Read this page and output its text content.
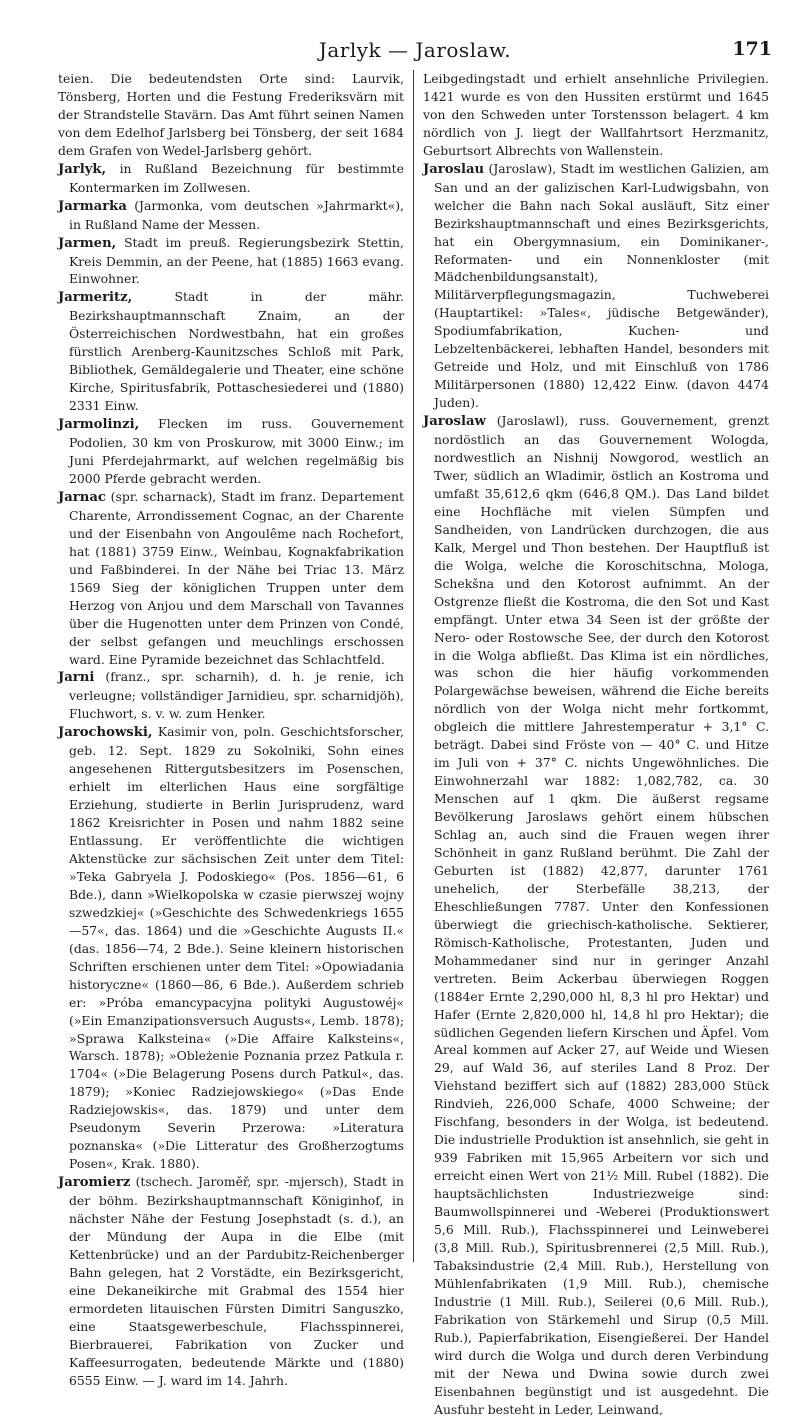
Jarlyk — Jaroslaw.	171

teien. Die bedeutendsten Orte sind: Laurvik, Tönsberg, Horten und die Festung Frederiksvärn mit der Strandstelle Stavärn. Das Amt führt seinen Namen von dem Edelhof Jarlsberg bei Tönsberg, der seit 1684 dem Grafen von Wedel-Jarlsberg gehört.

Jarlyk, in Rußland Bezeichnung für bestimmte Kontermarken im Zollwesen.

Jarmarka (Jarmonka, vom deutschen »Jahrmarkt«), in Rußland Name der Messen.

Jarmen, Stadt im preuß. Regierungsbezirk Stettin, Kreis Demmin, an der Peene, hat (1885) 1663 evang. Einwohner.

Jarmeritz,	Stadt in der mähr. Bezirkshauptmannschaft Znaim, an der Österreichischen Nordwestbahn, hat ein großes fürstlich Arenberg-Kaunitzsches Schloß mit Park, Bibliothek, Gemäldegalerie und Theater, eine schöne Kirche, Spiritusfabrik, Pottaschesiederei und (1880) 2331 Einw.

Jarmolinzi, Flecken im russ. Gouvernement Podolien, 30 km von Proskurow, mit 3000 Einw.; im Juni Pferdejahrmarkt, auf welchen regelmäßig bis 2000 Pferde gebracht werden.

Jarnac (spr. scharnack), Stadt im franz. Departement Charente, Arrondissement Cognac, an der Charente und der Eisenbahn von Angoulême nach Rochefort, hat (1881) 3759 Einw., Weinbau, Kognakfabrikation und Faßbinderei. In der Nähe bei Triac 13. März 1569 Sieg der königlichen Truppen unter dem Herzog von Anjou und dem Marschall von Tavannes über die Hugenotten unter dem Prinzen von Condé, der selbst gefangen und meuchlings erschossen ward. Eine Pyramide bezeichnet das Schlachtfeld.

Jarni (franz., spr. scharnih), d. h. je renie, ich verleugne; vollständiger Jarnidieu, spr. scharnidjöh), Fluchwort, s. v. w. zum Henker.

Jarochowski, Kasimir von, poln. Geschichtsforscher, geb. 12. Sept. 1829 zu Sokolniki, Sohn eines angesehenen Rittergutsbesitzers im Posenschen, erhielt im elterlichen Haus eine sorgfältige Erziehung, studierte in Berlin Jurisprudenz, ward 1862 Kreisrichter in Posen und nahm 1882 seine Entlassung. Er veröffentlichte die wichtigen Aktenstücke zur sächsischen Zeit unter dem Titel: »Teka Gabryela J. Podoskiego« (Pos. 1856—61, 6 Bde.), dann »Wielkopolska w czasie pierwszej wojny szwedzkiej« (»Geschichte des Schwedenkriegs 1655—57«, das. 1864) und die »Geschichte Augusts II.« (das. 1856—74, 2 Bde.). Seine kleinern historischen Schriften erschienen unter dem Titel: »Opowiadania historyczne« (1860—86, 6 Bde.). Außerdem schrieb er: »Próba emancypacyjna polityki Augustowéj« (»Ein Emanzipationsversuch Augusts«, Lemb. 1878); »Sprawa Kalksteina« (»Die Affaire Kalksteins«, Warsch. 1878); »Obleżenie Poznania przez Patkula r. 1704« (»Die Belagerung Posens durch Patkul«, das. 1879); »Koniec Radziejowskiego« (»Das Ende Radziejowskis«, das. 1879) und unter dem Pseudonym Severin Przerowa: »Literatura poznanska« (»Die Litteratur des Großherzogtums Posen«, Krak. 1880).

Jaromierz (tschech. Jaroměř, spr. -mjersch), Stadt in der böhm. Bezirkshauptmannschaft Königinhof, in nächster Nähe der Festung Josephstadt (s. d.), an der Mündung der Aupa in die Elbe (mit Kettenbrücke) und an der Pardubitz-Reichenberger Bahn gelegen, hat 2 Vorstädte, ein Bezirksgericht, eine Dekaneikirche mit Grabmal des 1554 hier ermordeten litauischen Fürsten Dimitri Sanguszko, eine Staatsgewerbeschule, Flachsspinnerei, Bierbrauerei, Fabrikation von Zucker und Kaffeesurrogaten, bedeutende Märkte und (1880) 6555 Einw. — J. ward im 14. Jahrh.

Leibgedingstadt und erhielt ansehnliche Privilegien. 1421 wurde es von den Hussiten erstürmt und 1645 von den Schweden unter Torstensson belagert. 4 km nördlich von J. liegt der Wallfahrtsort Herzmanitz, Geburtsort Albrechts von Wallenstein.

Jaroslau (Jaroslaw), Stadt im westlichen Galizien, am San und an der galizischen Karl-Ludwigsbahn, von welcher die Bahn nach Sokal ausläuft, Sitz einer Bezirkshauptmannschaft und eines Bezirksgerichts, hat ein Obergymnasium, ein Dominikaner-, Reformaten- und ein Nonnenkloster (mit Mädchenbildungsanstalt), Militärverpflegungsmagazin, Tuchweberei (Hauptartikel: »Tales«, jüdische Betgewänder), Spodiumfabrikation, Kuchen- und Lebzeltenbäckerei, lebhaften Handel, besonders mit Getreide und Holz, und mit Einschluß von 1786 Militärpersonen (1880) 12,422 Einw. (davon 4474 Juden).

Jaroslaw (Jaroslawl), russ. Gouvernement, grenzt nordöstlich an das Gouvernement Wologda, nordwestlich an Nishnij Nowgorod, westlich an Twer, südlich an Wladimir, östlich an Kostroma und umfaßt 35,612,6 qkm (646,8 QM.). Das Land bildet eine Hochfläche mit vielen Sümpfen und Sandheiden, von Landrücken durchzogen, die aus Kalk, Mergel und Thon bestehen. Der Hauptfluß ist die Wolga, welche die Koroschitschna, Mologa, Schekšna und den Kotorost aufnimmt. An der Ostgrenze fließt die Kostroma, die den Sot und Kast empfängt. Unter etwa 34 Seen ist der größte der Nero- oder Rostowsche See, der durch den Kotorost in die Wolga abfließt. Das Klima ist ein nördliches, was schon die hier häufig vorkommenden Polargewächse beweisen, während die Eiche bereits nördlich von der Wolga nicht mehr fortkommt, obgleich die mittlere Jahrestemperatur + 3,1° C. beträgt. Dabei sind Fröste von — 40° C. und Hitze im Juli von + 37° C. nichts Ungewöhnliches. Die Einwohnerzahl war 1882: 1,082,782, ca. 30 Menschen auf 1 qkm. Die äußerst regsame Bevölkerung Jaroslaws gehört einem hübschen Schlag an, auch sind die Frauen wegen ihrer Schönheit in ganz Rußland berühmt. Die Zahl der Geburten ist (1882) 42,877, darunter 1761 unehelich, der Sterbefälle 38,213, der Eheschließungen 7787. Unter den Konfessionen überwiegt die griechisch-katholische. Sektierer, Römisch-Katholische, Protestanten, Juden und Mohammedaner sind nur in geringer Anzahl vertreten. Beim Ackerbau überwiegen Roggen (1884er Ernte 2,290,000 hl, 8,3 hl pro Hektar) und Hafer (Ernte 2,820,000 hl, 14,8 hl pro Hektar); die südlichen Gegenden liefern Kirschen und Äpfel. Vom Areal kommen auf Acker 27, auf Weide und Wiesen 29, auf Wald 36, auf steriles Land 8 Proz. Der Viehstand beziffert sich auf (1882) 283,000 Stück Rindvieh, 226,000 Schafe, 4000 Schweine; der Fischfang, besonders in der Wolga, ist bedeutend. Die industrielle Produktion ist ansehnlich, sie geht in 939 Fabriken mit 15,965 Arbeitern vor sich und erreicht einen Wert von 21½ Mill. Rubel (1882). Die hauptsächlichsten Industriezweige sind: Baumwollspinnerei und -Weberei (Produktionswert 5,6 Mill. Rub.), Flachsspinnerei und Leinweberei (3,8 Mill. Rub.), Spiritusbrennerei (2,5 Mill. Rub.), Tabaksindustrie (2,4 Mill. Rub.), Herstellung von Mühlenfabrikaten (1,9 Mill. Rub.), chemische Industrie (1 Mill. Rub.), Seilerei (0,6 Mill. Rub.), Fabrikation von Stärkemehl und Sirup (0,5 Mill. Rub.), Papierfabrikation, Eisengießerei. Der Handel wird durch die Wolga und durch deren Verbindung mit der Newa und Dwina sowie durch zwei Eisenbahnen begünstigt und ist ausgedehnt. Die Ausfuhr besteht in Leder, Leinwand,
